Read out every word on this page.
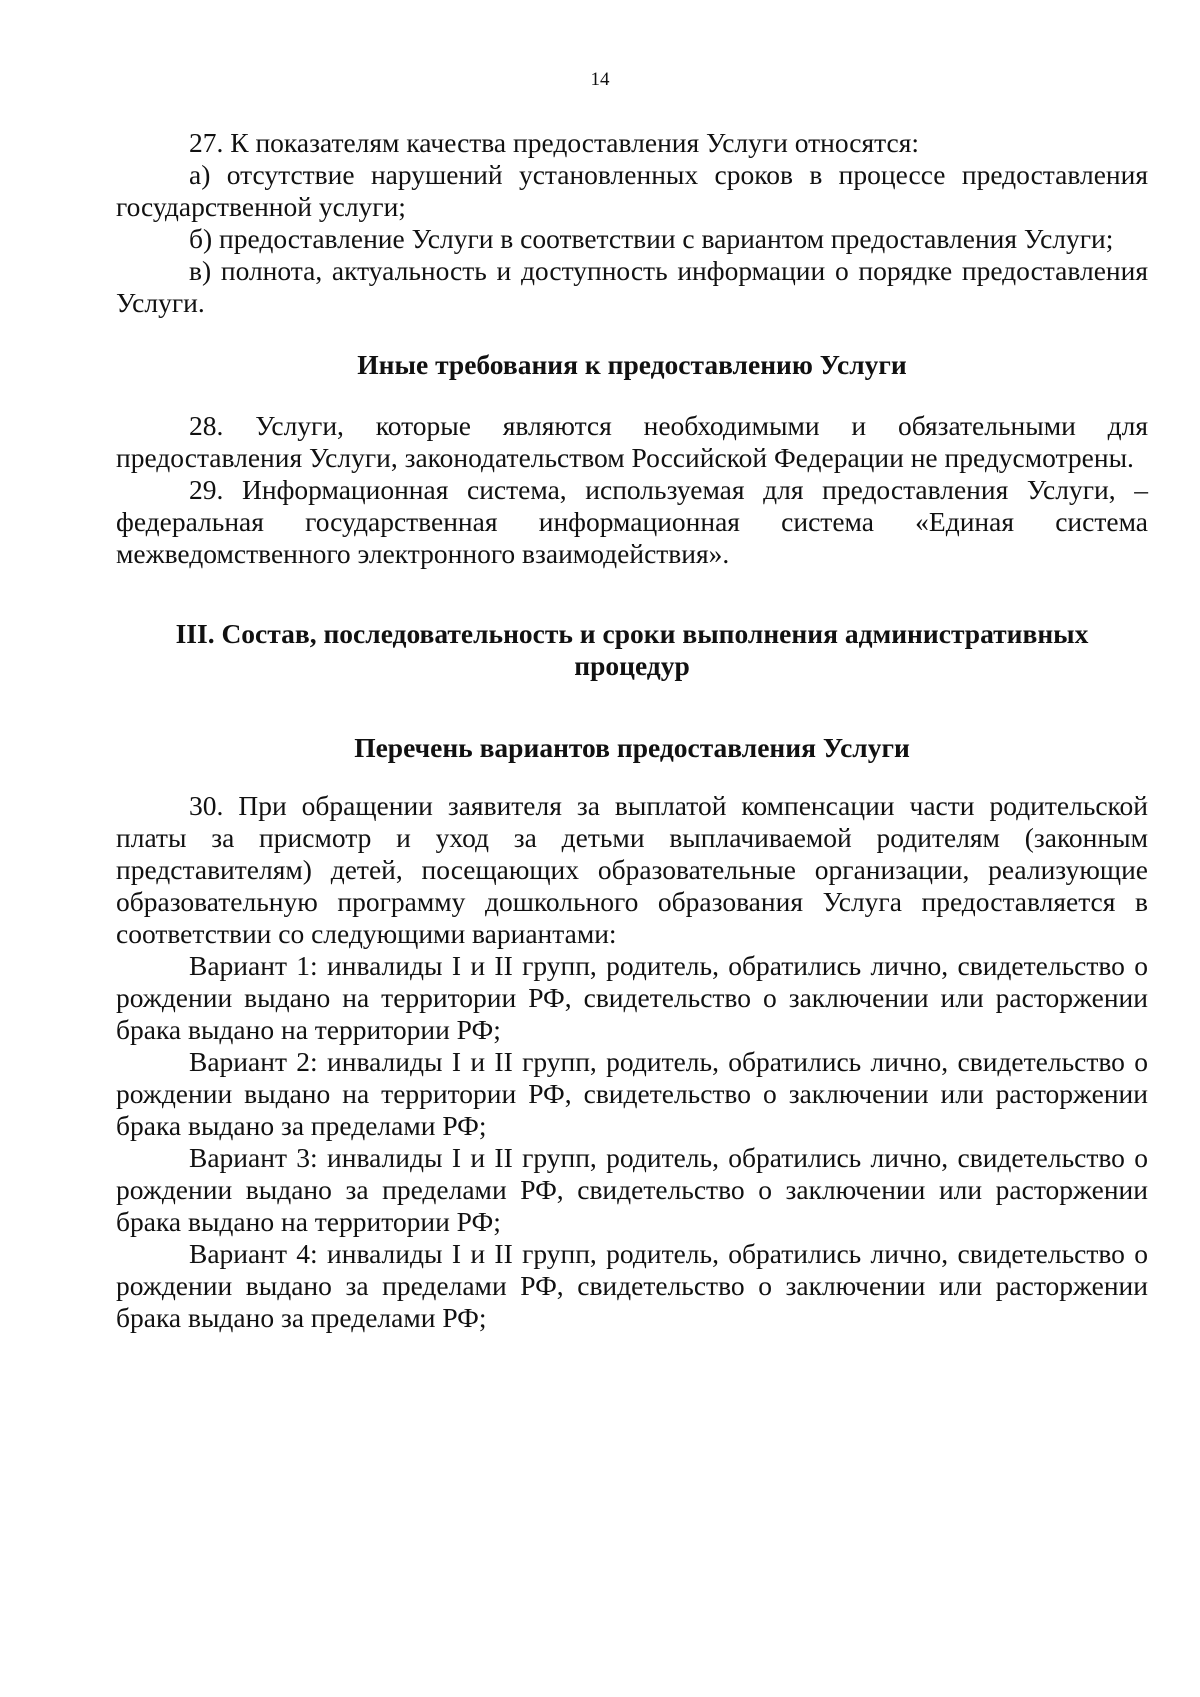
14

27. К показателям качества предоставления Услуги относятся:

а) отсутствие нарушений установленных сроков в процессе предоставления государственной услуги;

б) предоставление Услуги в соответствии с вариантом предоставления Услуги;

в) полнота, актуальность и доступность информации о порядке предоставления Услуги.

Иные требования к предоставлению Услуги

28. Услуги, которые являются необходимыми и обязательными для предоставления Услуги, законодательством Российской Федерации не предусмотрены.

29. Информационная система, используемая для предоставления Услуги, – федеральная государственная информационная система «Единая система межведомственного электронного взаимодействия».

III. Состав, последовательность и сроки выполнения административных процедур
Перечень вариантов предоставления Услуги

30. При обращении заявителя за выплатой компенсации части родительской платы за присмотр и уход за детьми выплачиваемой родителям (законным представителям) детей, посещающих образовательные организации, реализующие образовательную программу дошкольного образования Услуга предоставляется в соответствии со следующими вариантами:

Вариант 1: инвалиды I и II групп, родитель, обратились лично, свидетельство о рождении выдано на территории РФ, свидетельство о заключении или расторжении брака выдано на территории РФ;

Вариант 2: инвалиды I и II групп, родитель, обратились лично, свидетельство о рождении выдано на территории РФ, свидетельство о заключении или расторжении брака выдано за пределами РФ;

Вариант 3: инвалиды I и II групп, родитель, обратились лично, свидетельство о рождении выдано за пределами РФ, свидетельство о заключении или расторжении брака выдано на территории РФ;

Вариант 4: инвалиды I и II групп, родитель, обратились лично, свидетельство о рождении выдано за пределами РФ, свидетельство о заключении или расторжении брака выдано за пределами РФ;
